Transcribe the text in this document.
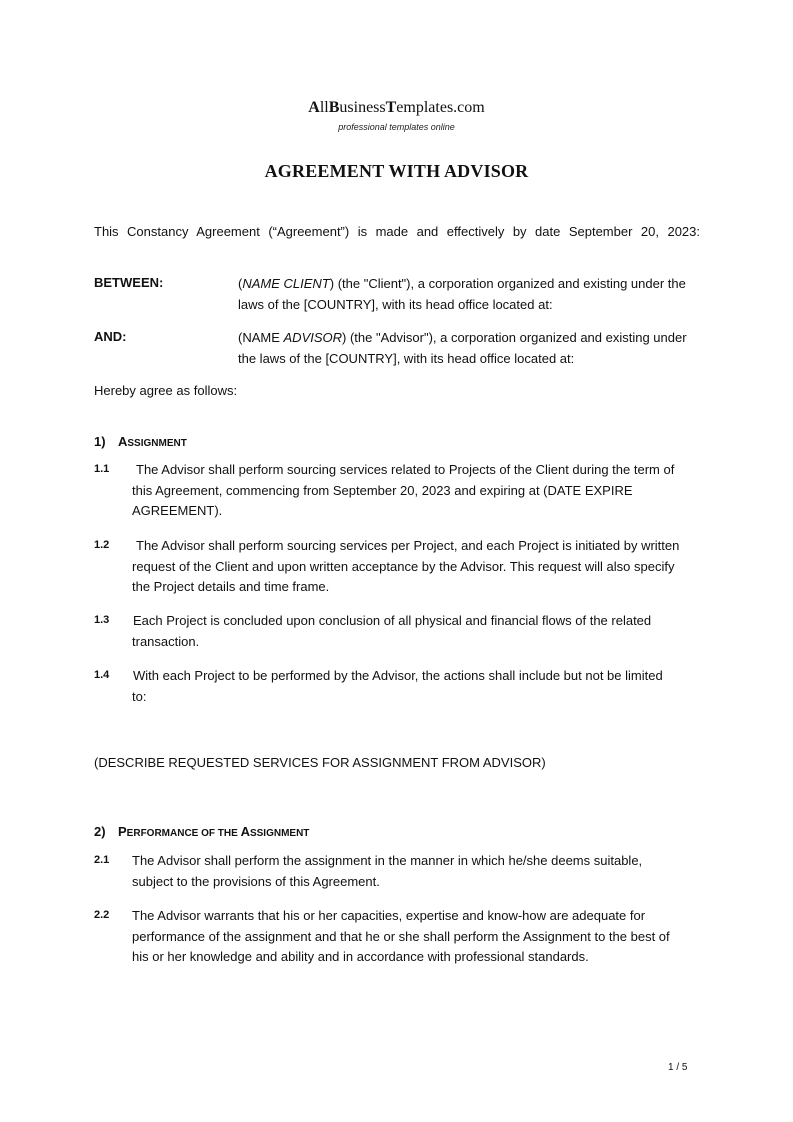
AllBusinessTemplates.com
professional templates online
AGREEMENT WITH ADVISOR
This Constancy Agreement (“Agreement”) is made and effectively by date September 20, 2023:
BETWEEN:	(NAME CLIENT) (the "Client"), a corporation organized and existing under the
laws of the [COUNTRY], with its head office located at:
AND:	(NAME ADVISOR) (the "Advisor"), a corporation organized and existing under
the laws of the [COUNTRY], with its head office located at:
Hereby agree as follows:
1) ASSIGNMENT
1.1	The Advisor shall perform sourcing services related to Projects of the Client during the term of
this Agreement, commencing from September 20, 2023 and expiring at (DATE EXPIRE
AGREEMENT).
1.2	The Advisor shall perform sourcing services per Project, and each Project is initiated by written
request of the Client and upon written acceptance by the Advisor. This request will also specify
the Project details and time frame.
1.3 Each Project is concluded upon conclusion of all physical and financial flows of the related
transaction.
1.4 With each Project to be performed by the Advisor, the actions shall include but not be limited
to:
(DESCRIBE REQUESTED SERVICES FOR ASSIGNMENT FROM ADVISOR)
2) PERFORMANCE OF THE ASSIGNMENT
2.1 The Advisor shall perform the assignment in the manner in which he/she deems suitable,
subject to the provisions of this Agreement.
2.2 The Advisor warrants that his or her capacities, expertise and know-how are adequate for
performance of the assignment and that he or she shall perform the Assignment to the best of
his or her knowledge and ability and in accordance with professional standards.
1 / 5
